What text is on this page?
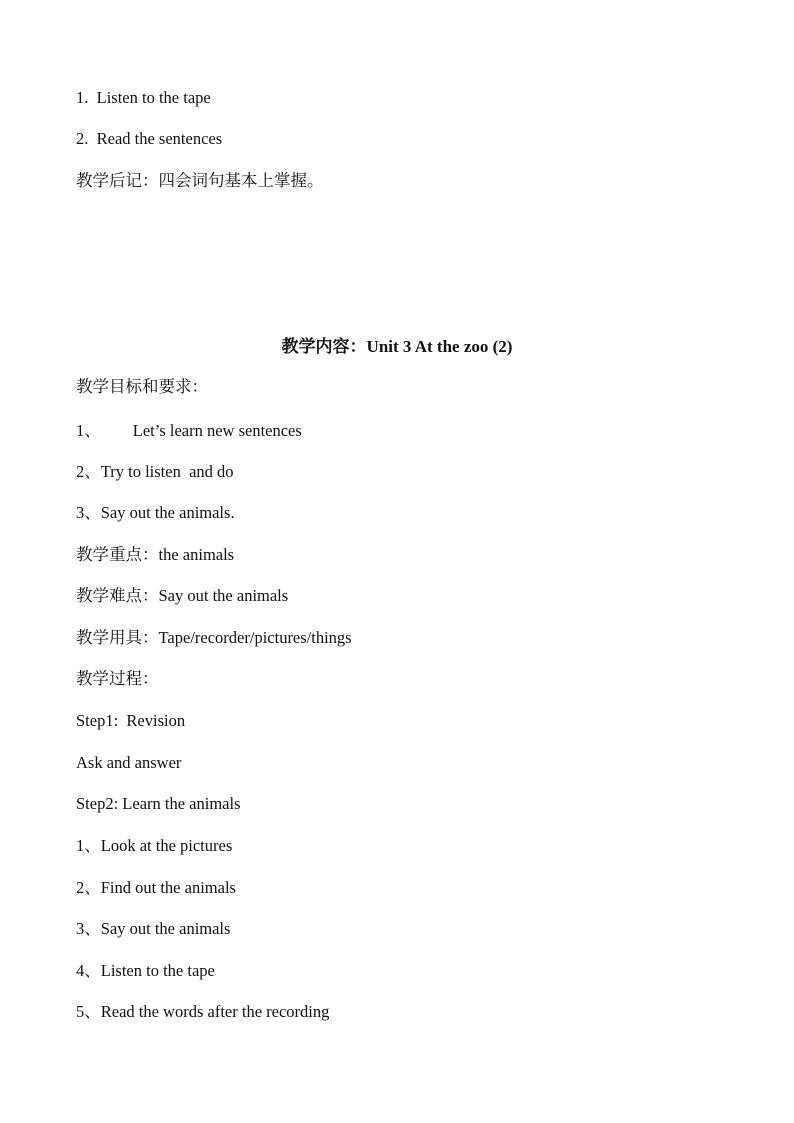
1.  Listen to the tape
2.  Read the sentences
教学后记：四会词句基本上掌握。
教学内容：Unit 3 At the zoo (2)
教学目标和要求：
1、 Let’s learn new sentences
2、Try to listen  and do
3、Say out the animals.
教学重点：the animals
教学难点：Say out the animals
教学用具：Tape/recorder/pictures/things
教学过程：
Step1:  Revision
Ask and answer
Step2: Learn the animals
1、Look at the pictures
2、Find out the animals
3、Say out the animals
4、Listen to the tape
5、Read the words after the recording
